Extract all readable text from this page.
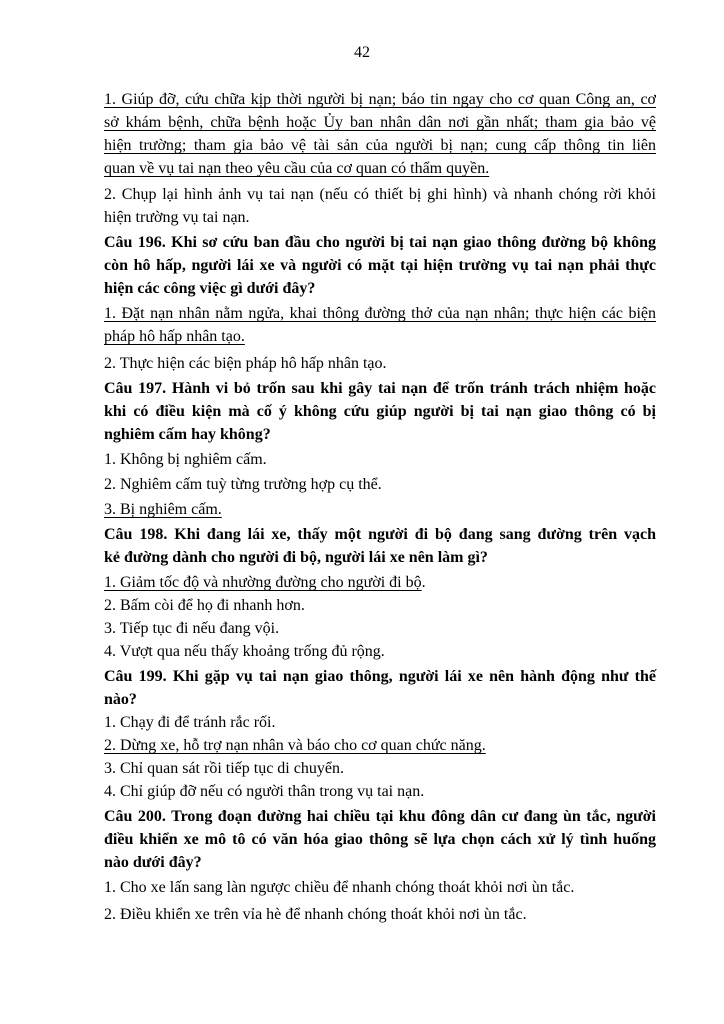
42

1. Giúp đỡ, cứu chữa kịp thời người bị nạn; báo tin ngay cho cơ quan Công an, cơ

sở khám bệnh, chữa bệnh hoặc Ủy ban nhân dân nơi gần nhất; tham gia bảo vệ

hiện trường; tham gia bảo vệ tài sản của người bị nạn; cung cấp thông tin liên

quan về vụ tai nạn theo yêu cầu của cơ quan có thẩm quyền.

2. Chụp lại hình ảnh vụ tai nạn (nếu có thiết bị ghi hình) và nhanh chóng rời khỏi

hiện trường vụ tai nạn.

Câu 196. Khi sơ cứu ban đầu cho người bị tai nạn giao thông đường bộ không

còn hô hấp, người lái xe và người có mặt tại hiện trường vụ tai nạn phải thực

hiện các công việc gì dưới đây?

1. Đặt nạn nhân nằm ngửa, khai thông đường thở của nạn nhân; thực hiện các biện

pháp hô hấp nhân tạo.

2. Thực hiện các biện pháp hô hấp nhân tạo.

Câu 197. Hành vi bỏ trốn sau khi gây tai nạn để trốn tránh trách nhiệm hoặc

khi có điều kiện mà cố ý không cứu giúp người bị tai nạn giao thông có bị

nghiêm cấm hay không?

1. Không bị nghiêm cấm.

2. Nghiêm cấm tuỳ từng trường hợp cụ thể.

3. Bị nghiêm cấm.

Câu 198. Khi đang lái xe, thấy một người đi bộ đang sang đường trên vạch

kẻ đường dành cho người đi bộ, người lái xe nên làm gì?

1. Giảm tốc độ và nhường đường cho người đi bộ.

2. Bấm còi để họ đi nhanh hơn.

3. Tiếp tục đi nếu đang vội.

4. Vượt qua nếu thấy khoảng trống đủ rộng.

Câu 199. Khi gặp vụ tai nạn giao thông, người lái xe nên hành động như thế

nào?

1. Chạy đi để tránh rắc rối.

2. Dừng xe, hỗ trợ nạn nhân và báo cho cơ quan chức năng.

3. Chỉ quan sát rồi tiếp tục di chuyển.

4. Chỉ giúp đỡ nếu có người thân trong vụ tai nạn.

Câu 200. Trong đoạn đường hai chiều tại khu đông dân cư đang ùn tắc, người

điều khiển xe mô tô có văn hóa giao thông sẽ lựa chọn cách xử lý tình huống

nào dưới đây?

1. Cho xe lấn sang làn ngược chiều để nhanh chóng thoát khỏi nơi ùn tắc.

2. Điều khiển xe trên vỉa hè để nhanh chóng thoát khỏi nơi ùn tắc.
